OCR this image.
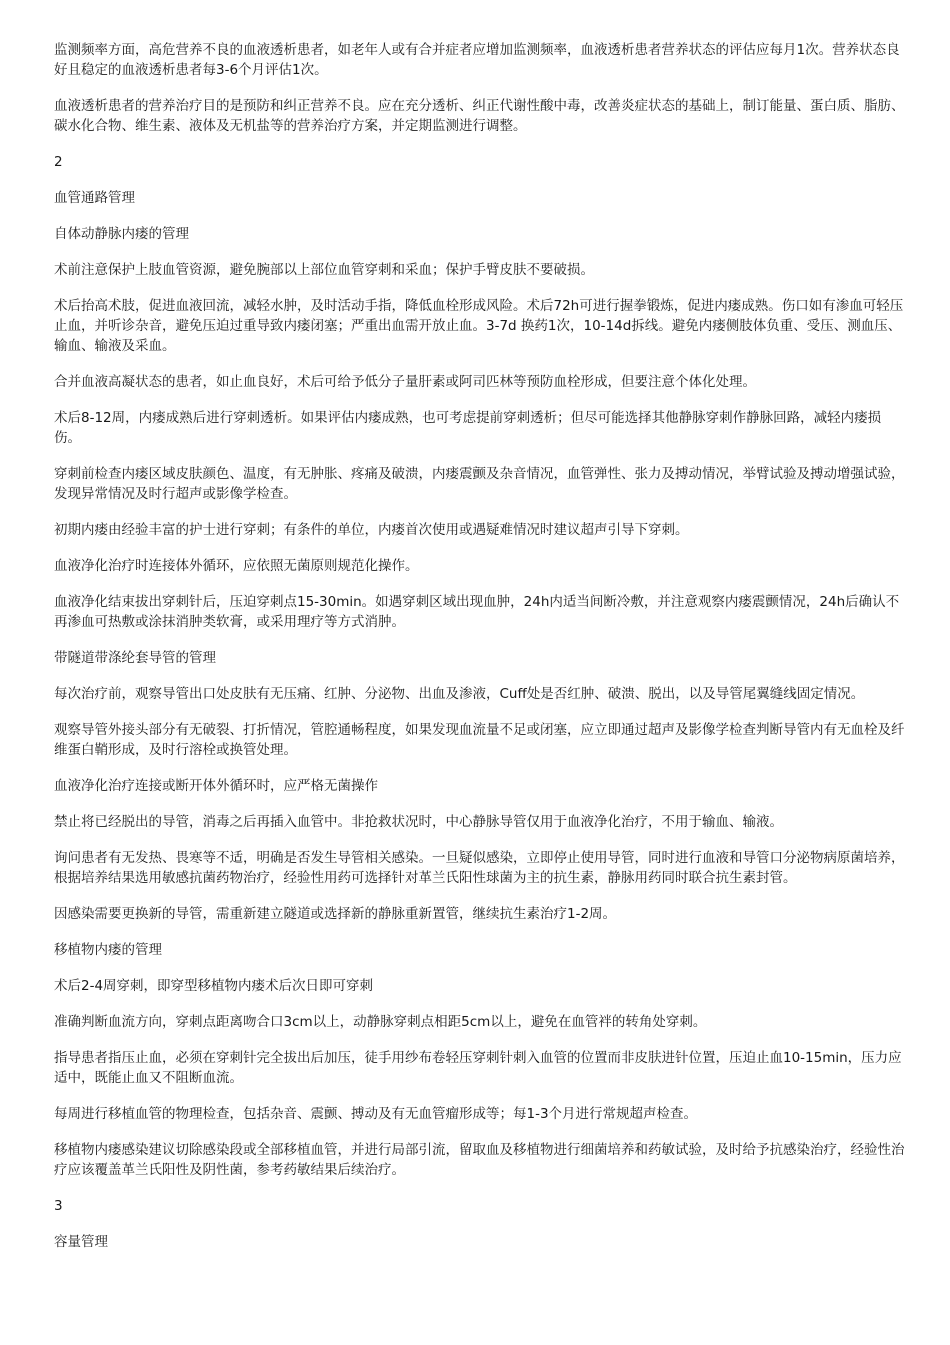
监测频率方面，高危营养不良的血液透析患者，如老年人或有合并症者应增加监测频率，血液透析患者营养状态的评估应每月1次。营养状态良好且稳定的血液透析患者每3-6个月评估1次。

血液透析患者的营养治疗目的是预防和纠正营养不良。应在充分透析、纠正代谢性酸中毒，改善炎症状态的基础上，制订能量、蛋白质、脂肪、碳水化合物、维生素、液体及无机盐等的营养治疗方案，并定期监测进行调整。

2

血管通路管理

自体动静脉内瘘的管理

术前注意保护上肢血管资源，避免腕部以上部位血管穿刺和采血；保护手臂皮肤不要破损。

术后抬高术肢，促进血液回流，减轻水肿，及时活动手指，降低血栓形成风险。术后72h可进行握拳锻炼，促进内瘘成熟。伤口如有渗血可轻压止血，并听诊杂音，避免压迫过重导致内瘘闭塞；严重出血需开放止血。3-7d 换药1次，10-14d拆线。避免内瘘侧肢体负重、受压、测血压、输血、输液及采血。

合并血液高凝状态的患者，如止血良好，术后可给予低分子量肝素或阿司匹林等预防血栓形成，但要注意个体化处理。

术后8-12周，内瘘成熟后进行穿刺透析。如果评估内瘘成熟，也可考虑提前穿刺透析；但尽可能选择其他静脉穿刺作静脉回路，减轻内瘘损伤。

穿刺前检查内瘘区域皮肤颜色、温度，有无肿胀、疼痛及破溃，内瘘震颤及杂音情况，血管弹性、张力及搏动情况，举臂试验及搏动增强试验，发现异常情况及时行超声或影像学检查。

初期内瘘由经验丰富的护士进行穿刺；有条件的单位，内瘘首次使用或遇疑难情况时建议超声引导下穿刺。

血液净化治疗时连接体外循环，应依照无菌原则规范化操作。

血液净化结束拔出穿刺针后，压迫穿刺点15-30min。如遇穿刺区域出现血肿，24h内适当间断冷敷，并注意观察内瘘震颤情况，24h后确认不再渗血可热敷或涂抹消肿类软膏，或采用理疗等方式消肿。

带隧道带涤纶套导管的管理

每次治疗前，观察导管出口处皮肤有无压痛、红肿、分泌物、出血及渗液，Cuff处是否红肿、破溃、脱出，以及导管尾翼缝线固定情况。

观察导管外接头部分有无破裂、打折情况，管腔通畅程度，如果发现血流量不足或闭塞，应立即通过超声及影像学检查判断导管内有无血栓及纤维蛋白鞘形成，及时行溶栓或换管处理。

血液净化治疗连接或断开体外循环时，应严格无菌操作

禁止将已经脱出的导管，消毒之后再插入血管中。非抢救状况时，中心静脉导管仅用于血液净化治疗，不用于输血、输液。

询问患者有无发热、畏寒等不适，明确是否发生导管相关感染。一旦疑似感染，立即停止使用导管，同时进行血液和导管口分泌物病原菌培养，根据培养结果选用敏感抗菌药物治疗，经验性用药可选择针对革兰氏阳性球菌为主的抗生素，静脉用药同时联合抗生素封管。

因感染需要更换新的导管，需重新建立隧道或选择新的静脉重新置管，继续抗生素治疗1-2周。

移植物内瘘的管理

术后2-4周穿刺，即穿型移植物内瘘术后次日即可穿刺

准确判断血流方向，穿刺点距离吻合口3cm以上，动静脉穿刺点相距5cm以上，避免在血管袢的转角处穿刺。

指导患者指压止血，必须在穿刺针完全拔出后加压，徒手用纱布卷轻压穿刺针刺入血管的位置而非皮肤进针位置，压迫止血10-15min，压力应适中，既能止血又不阻断血流。

每周进行移植血管的物理检查，包括杂音、震颤、搏动及有无血管瘤形成等；每1-3个月进行常规超声检查。

移植物内瘘感染建议切除感染段或全部移植血管，并进行局部引流，留取血及移植物进行细菌培养和药敏试验，及时给予抗感染治疗，经验性治疗应该覆盖革兰氏阳性及阴性菌，参考药敏结果后续治疗。

3

容量管理
